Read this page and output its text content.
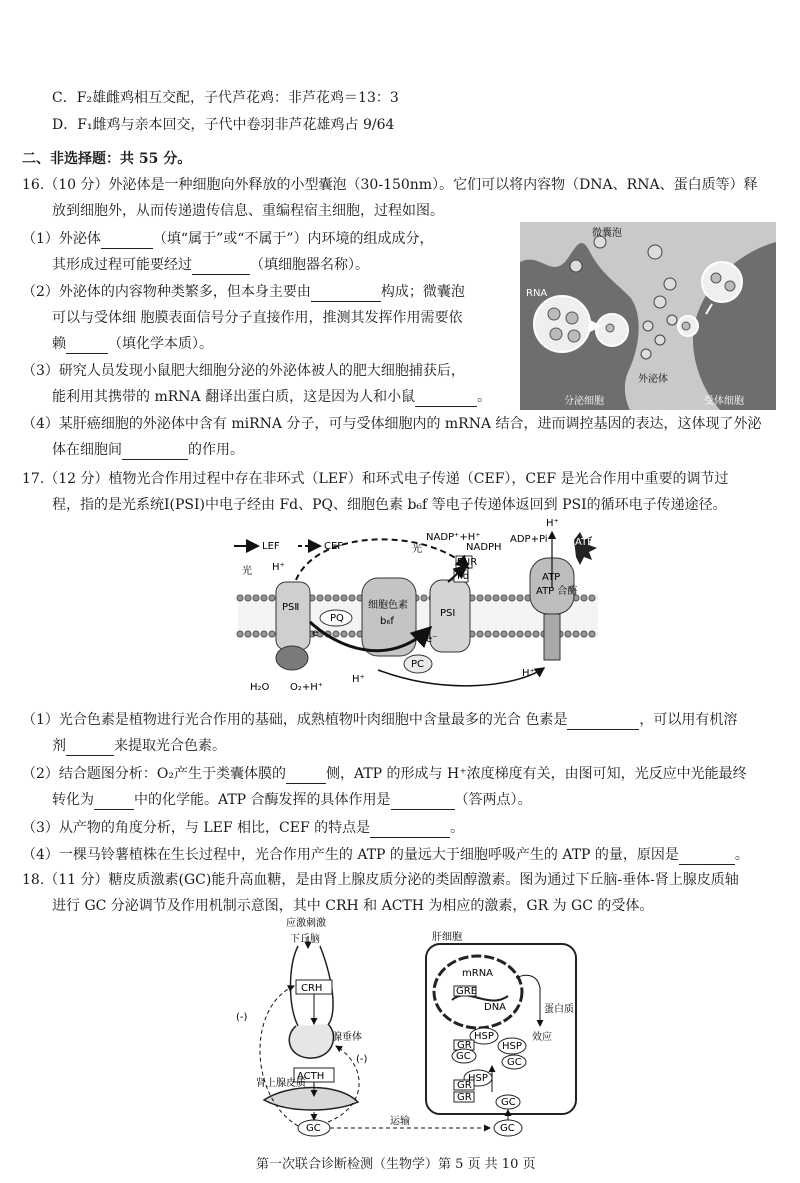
C．F₂雄雌鸡相互交配，子代芦花鸡：非芦花鸡＝13：3
D．F₁雌鸡与亲本回交，子代中卷羽非芦花雄鸡占 9/64
二、非选择题：共 55 分。
16.（10 分）外泌体是一种细胞向外释放的小型囊泡（30-150nm）。它们可以将内容物（DNA、RNA、蛋白质等）释
放到细胞外，从而传递遗传信息、重编程宿主细胞，过程如图。
（1）外泌体	（填“属于”或“不属于”）内环境的组成成分，
其形成过程可能要经过	（填细胞器名称）。
（2）外泌体的内容物种类繁多，但本身主要由	构成；微囊泡
可以与受体细 胞膜表面信号分子直接作用，推测其发挥作用需要依
赖	（填化学本质）。
（3）研究人员发现小鼠肥大细胞分泌的外泌体被人的肥大细胞捕获后，
能利用其携带的 mRNA 翻译出蛋白质，这是因为人和小鼠	。
（4）某肝癌细胞的外泌体中含有 miRNA 分子，可与受体细胞内的 mRNA 结合，进而调控基因的表达，这体现了外泌
体在细胞间	的作用。
微囊泡
RNA
外泌体
分泌细胞	受体细胞
17.（12 分）植物光合作用过程中存在非环式（LEF）和环式电子传递（CEF），CEF 是光合作用中重要的调节过
程，指的是光系统Ⅰ(PSⅠ)中电子经由 Fd、PQ、细胞色素 b₆f 等电子传递体返回到 PSⅠ的循环电子传递途径。
LEF	CEF
光
光
PSⅡ
PQ
细胞色素
b₆f
PC
PSⅠ
Fd
FNR
NADP⁺+H⁺
NADPH
ADP+Pi	ATP
ATP
ATP 合酶
H₂O O₂+H⁺
H⁺
H⁺
H⁺
H⁺
e⁻
e⁻
（1）光合色素是植物进行光合作用的基础，成熟植物叶肉细胞中含量最多的光合 色素是	，可以用有机溶
剂	来提取光合色素。
（2）结合题图分析：O₂产生于类囊体膜的	侧，ATP 的形成与 H⁺浓度梯度有关，由图可知，光反应中光能最终
转化为	中的化学能。ATP 合酶发挥的具体作用是	（答两点）。
（3）从产物的角度分析，与 LEF 相比，CEF 的特点是	。
（4）一棵马铃薯植株在生长过程中，光合作用产生的 ATP 的量远大于细胞呼吸产生的 ATP 的量，原因是	。
18.（11 分）糖皮质激素(GC)能升高血糖，是由肾上腺皮质分泌的类固醇激素。图为通过下丘脑-垂体-肾上腺皮质轴
进行 GC 分泌调节及作用机制示意图，其中 CRH 和 ACTH 为相应的激素，GR 为 GC 的受体。
应激刺激
下丘脑
CRH
腺垂体
ACTH
肾上腺皮质
GC
(-)
(-)
运输
肝细胞
mRNA
DNA
GRE
蛋白质
效应
HSP
HSP
HSP
GR
GR
GR
GC
GC
GC
GC
第一次联合诊断检测（生物学）第 5 页 共 10 页
